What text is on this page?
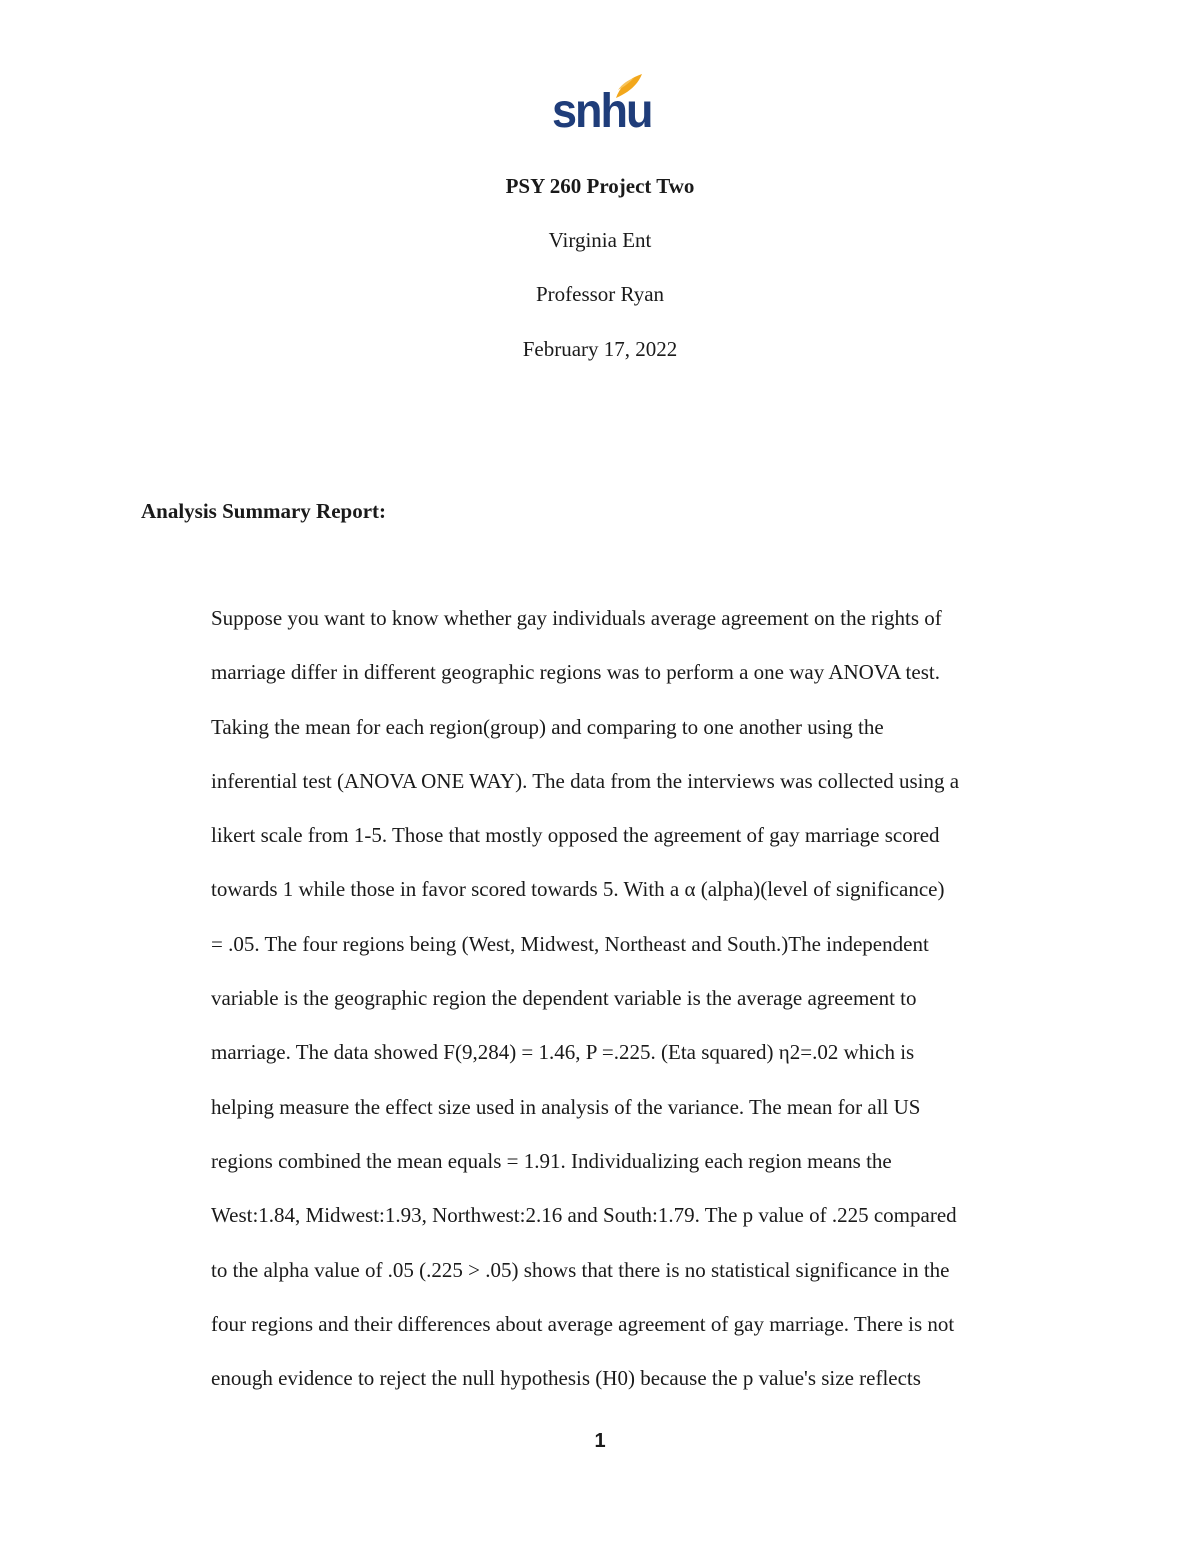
snhu
PSY 260 Project Two
Virginia Ent
Professor Ryan
February 17, 2022
Analysis Summary Report:
Suppose you want to know whether gay individuals average agreement on the rights of
marriage differ in different geographic regions was to perform a one way ANOVA test.
Taking the mean for each region(group) and comparing to one another using the
inferential test (ANOVA ONE WAY). The data from the interviews was collected using a
likert scale from 1-5. Those that mostly opposed the agreement of gay marriage scored
towards 1 while those in favor scored towards 5. With a α (alpha)(level of significance)
= .05. The four regions being (West, Midwest, Northeast and South.)The independent
variable is the geographic region the dependent variable is the average agreement to
marriage. The data showed F(9,284) = 1.46, P =.225. (Eta squared) η2=.02 which is
helping measure the effect size used in analysis of the variance. The mean for all US
regions combined the mean equals = 1.91. Individualizing each region means the
West:1.84, Midwest:1.93, Northwest:2.16 and South:1.79. The p value of .225 compared
to the alpha value of .05 (.225 > .05) shows that there is no statistical significance in the
four regions and their differences about average agreement of gay marriage. There is not
enough evidence to reject the null hypothesis (H0) because the p value's size reflects
1
